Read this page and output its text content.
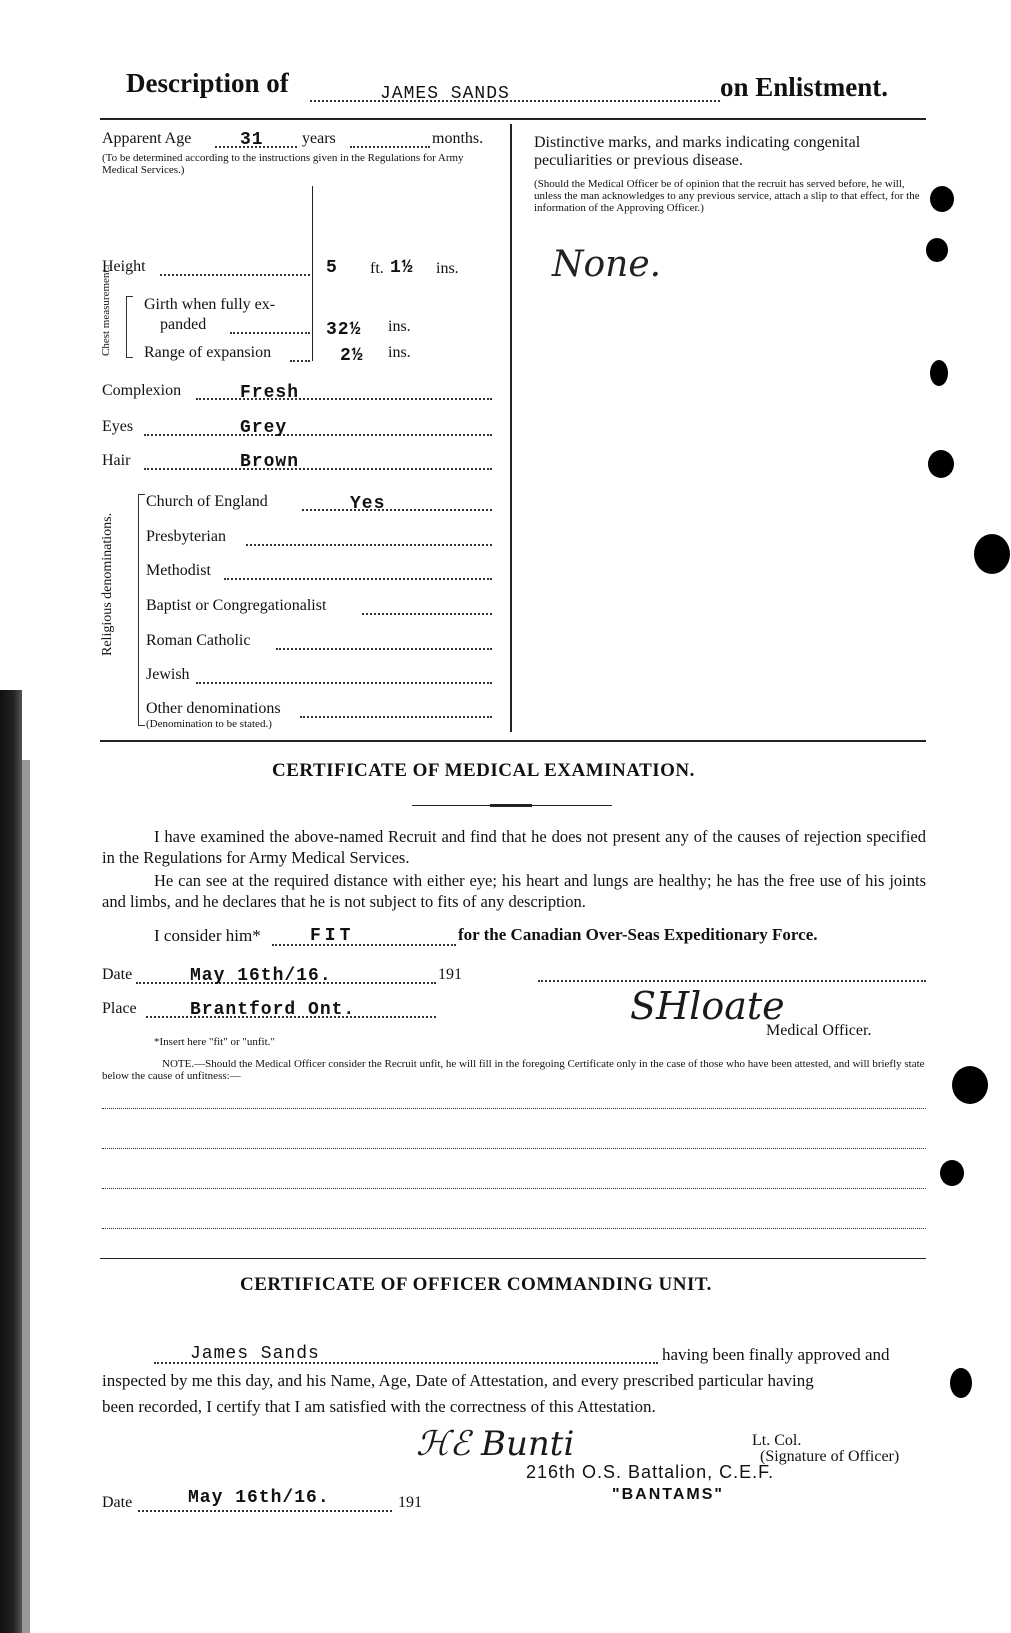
Description of	JAMES SANDS	on Enlistment.
Apparent Age	31 years	months.
(To be determined according to the instructions given in the Regulations for Army Medical Services.)
Height	5 ft. 1½ ins.
Chest measurement. Girth when fully ex-
panded	32½ ins.
Range of expansion	2½ ins.
Complexion	Fresh
Eyes	Grey
Hair	Brown
Religious denominations.
Church of England	Yes
Presbyterian
Methodist
Baptist or Congregationalist
Roman Catholic
Jewish
Other denominations
(Denomination to be stated.)
Distinctive marks, and marks indicating congenital
peculiarities or previous disease.
(Should the Medical Officer be of opinion that the recruit has served before, he will, unless the man acknowledges to any previous service, attach a slip to that effect, for the information of the Approving Officer.)
None.
CERTIFICATE OF MEDICAL EXAMINATION.
I have examined the above-named Recruit and find that he does not present any of the causes of rejection specified in the Regulations for Army Medical Services.
He can see at the required distance with either eye; his heart and lungs are healthy; he has the free use of his joints and limbs, and he declares that he is not subject to fits of any description.
I consider him*	FIT	for the Canadian Over-Seas Expeditionary Force.
Date	May 16th/16.	191
Place	Brantford Ont.	SHloate
Medical Officer.
*Insert here "fit" or "unfit."
NOTE.—Should the Medical Officer consider the Recruit unfit, he will fill in the foregoing Certificate only in the case of those who have been attested, and will briefly state below the cause of unfitness:—
CERTIFICATE OF OFFICER COMMANDING UNIT.
James Sands	having been finally approved and
inspected by me this day, and his Name, Age, Date of Attestation, and every prescribed particular having
been recorded, I certify that I am satisfied with the correctness of this Attestation.
ℋℰ Bunti	Lt. Col.
(Signature of Officer)
216th O.S. Battalion, C.E.F.
"BANTAMS"
Date	May 16th/16.	191
